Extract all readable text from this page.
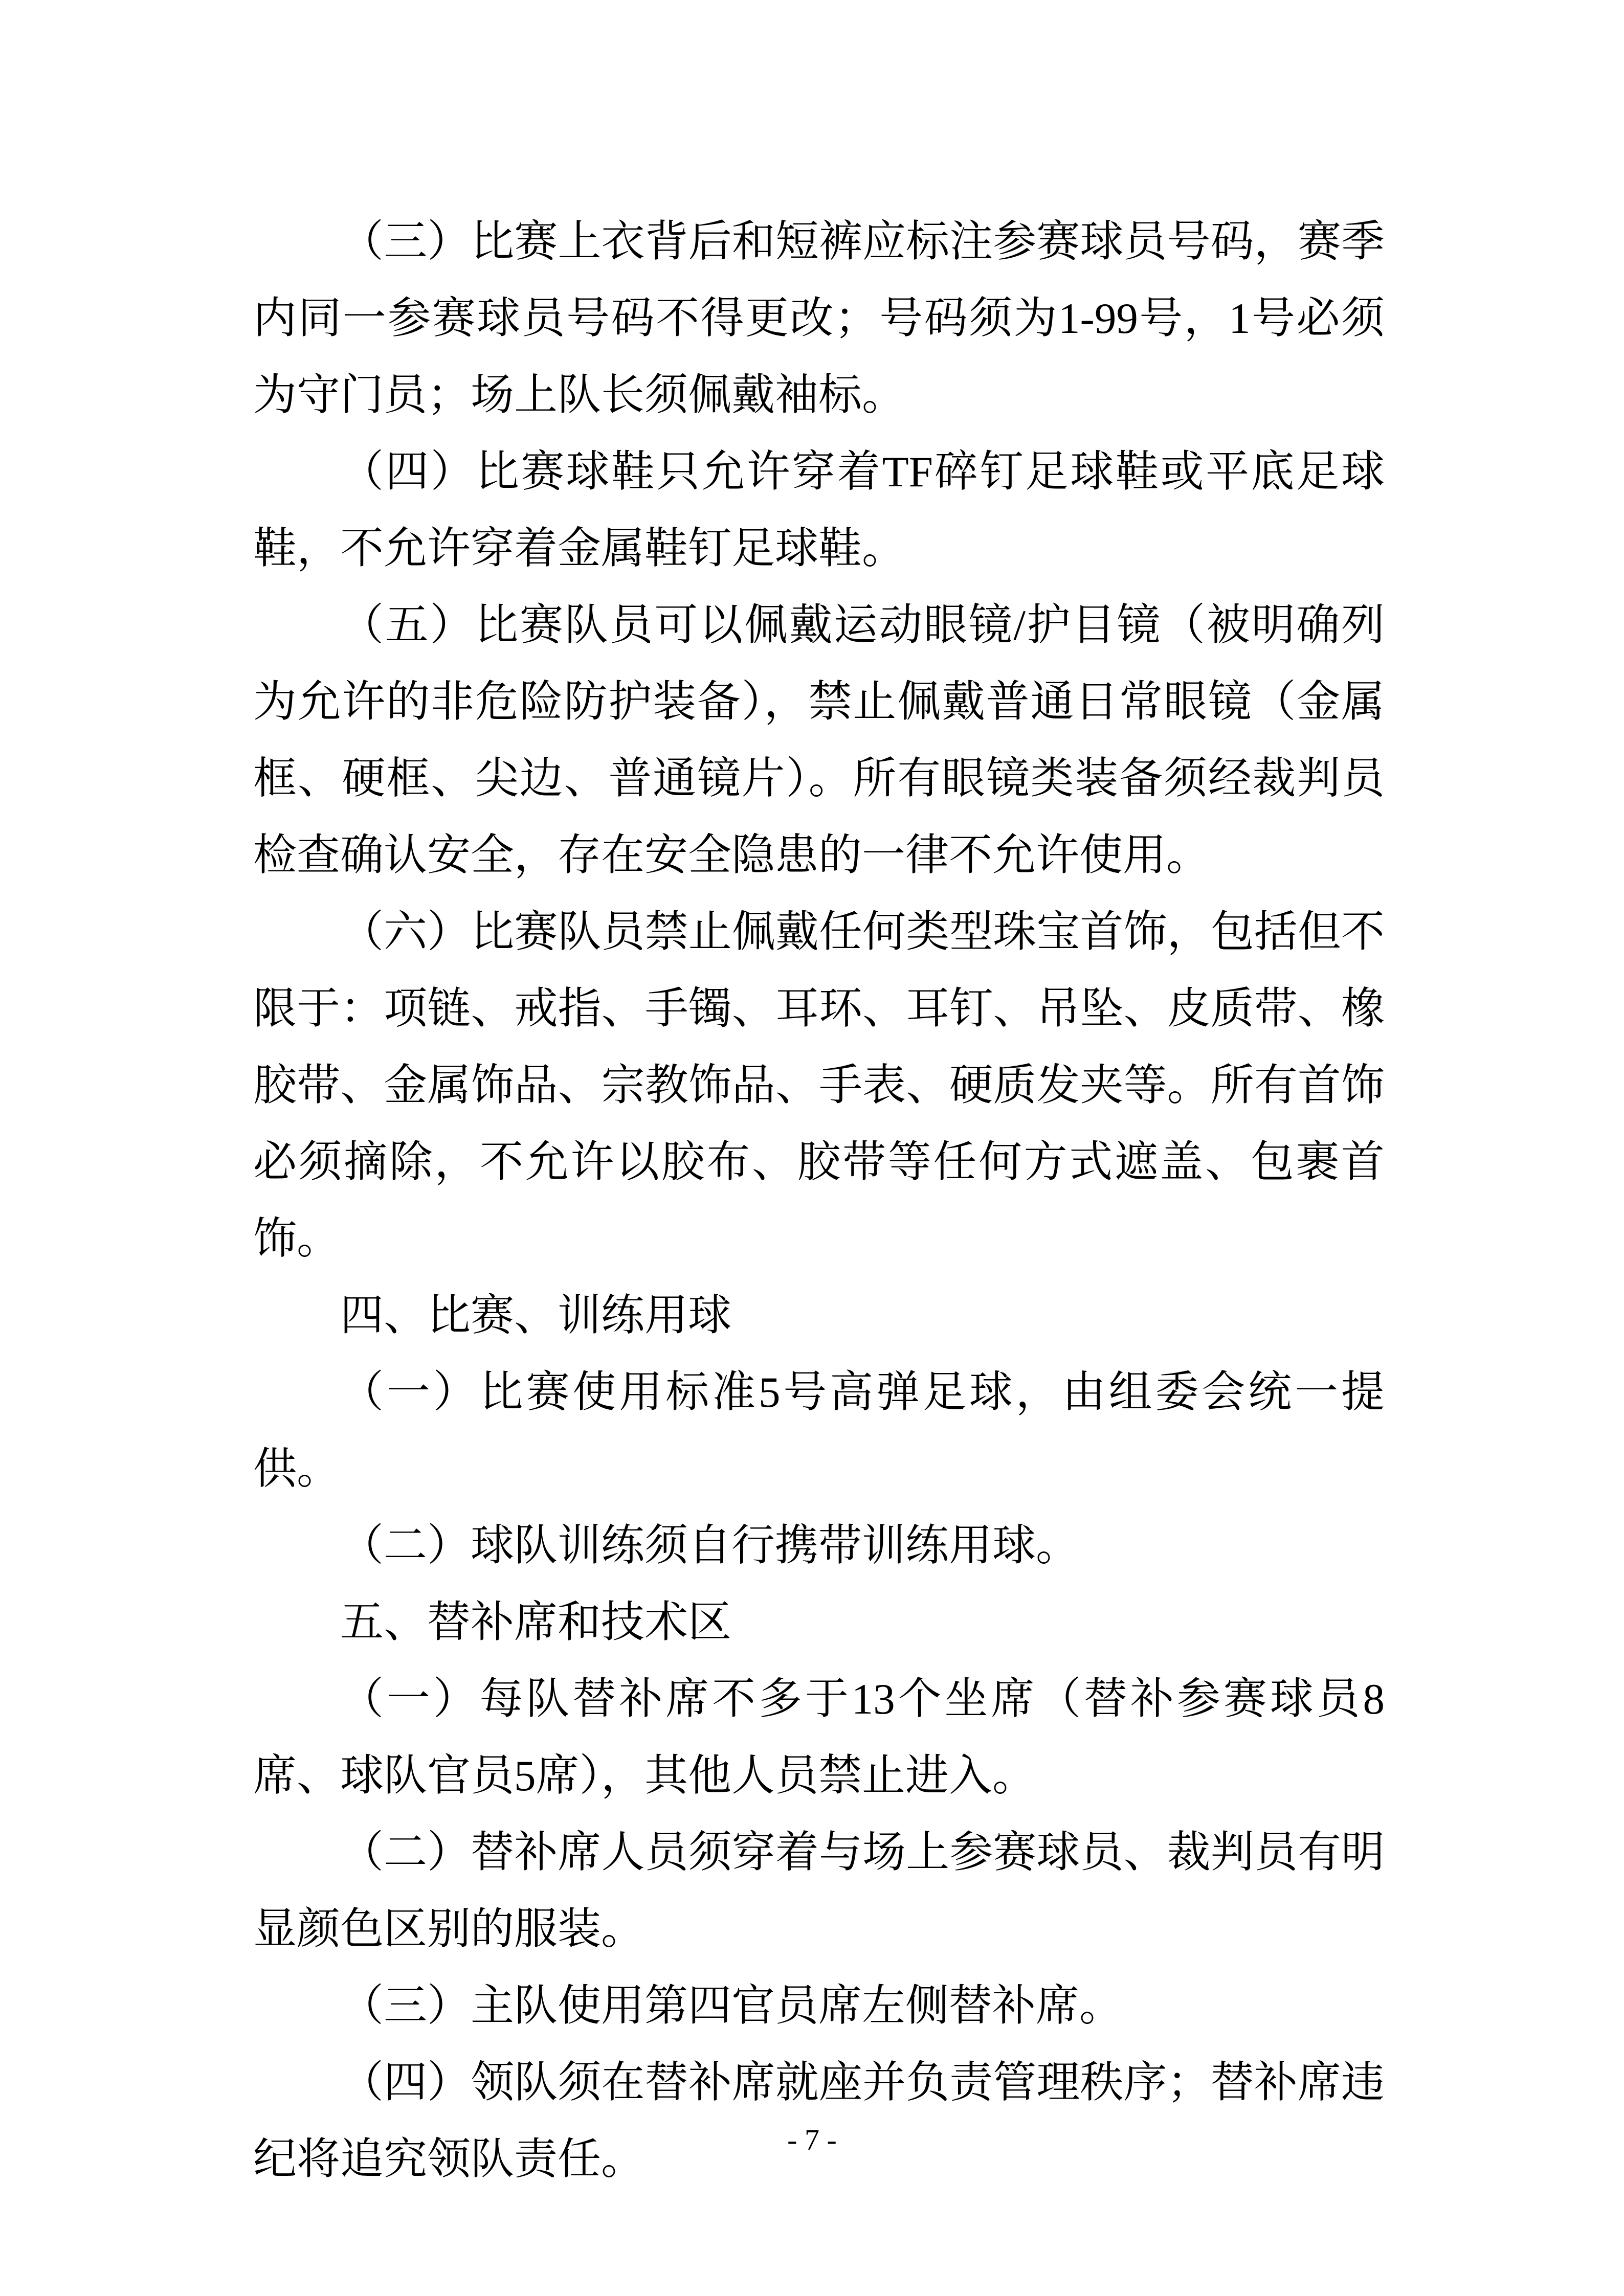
（三）比赛上衣背后和短裤应标注参赛球员号码，赛季内同一参赛球员号码不得更改；号码须为1-99号，1号必须为守门员；场上队长须佩戴袖标。

（四）比赛球鞋只允许穿着TF碎钉足球鞋或平底足球鞋，不允许穿着金属鞋钉足球鞋。

（五）比赛队员可以佩戴运动眼镜/护目镜（被明确列为允许的非危险防护装备），禁止佩戴普通日常眼镜（金属框、硬框、尖边、普通镜片）。所有眼镜类装备须经裁判员检查确认安全，存在安全隐患的一律不允许使用。

（六）比赛队员禁止佩戴任何类型珠宝首饰，包括但不限于：项链、戒指、手镯、耳环、耳钉、吊坠、皮质带、橡胶带、金属饰品、宗教饰品、手表、硬质发夹等。所有首饰必须摘除，不允许以胶布、胶带等任何方式遮盖、包裹首饰。

四、比赛、训练用球

（一）比赛使用标准5号高弹足球，由组委会统一提供。

（二）球队训练须自行携带训练用球。

五、替补席和技术区

（一）每队替补席不多于13个坐席（替补参赛球员8席、球队官员5席），其他人员禁止进入。

（二）替补席人员须穿着与场上参赛球员、裁判员有明显颜色区别的服装。

（三）主队使用第四官员席左侧替补席。

（四）领队须在替补席就座并负责管理秩序；替补席违纪将追究领队责任。	- 7 -
